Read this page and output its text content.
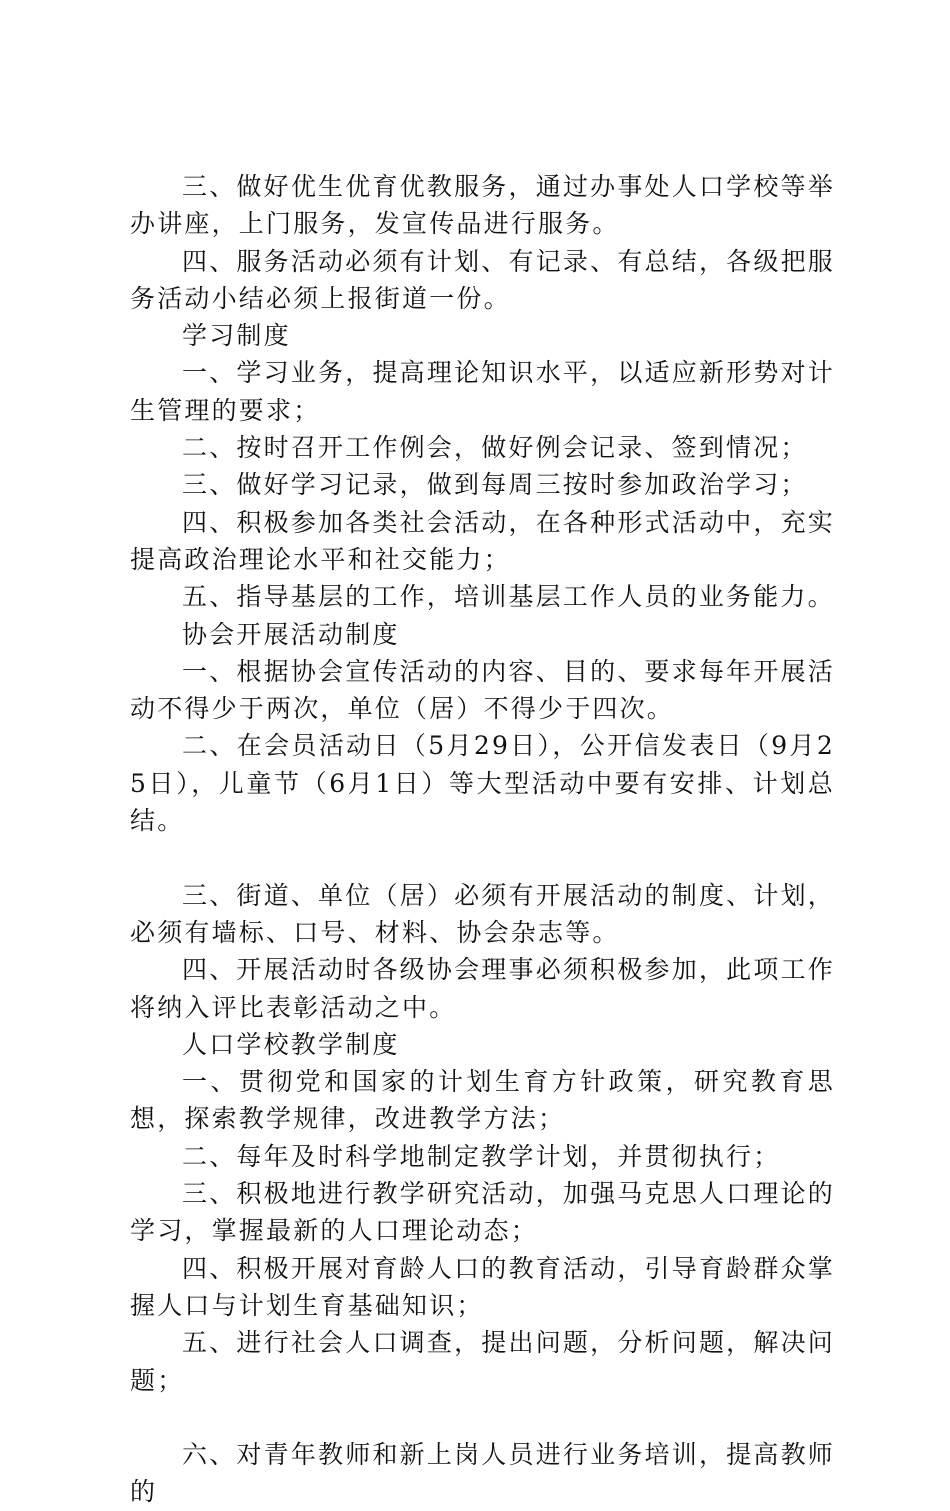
三、做好优生优育优教服务，通过办事处人口学校等举办讲座，上门服务，发宣传品进行服务。

四、服务活动必须有计划、有记录、有总结，各级把服务活动小结必须上报街道一份。

学习制度

一、学习业务，提高理论知识水平，以适应新形势对计生管理的要求；

二、按时召开工作例会，做好例会记录、签到情况；

三、做好学习记录，做到每周三按时参加政治学习；

四、积极参加各类社会活动，在各种形式活动中，充实提高政治理论水平和社交能力；

五、指导基层的工作，培训基层工作人员的业务能力。

协会开展活动制度

一、根据协会宣传活动的内容、目的、要求每年开展活动不得少于两次，单位（居）不得少于四次。

二、在会员活动日（5月29日），公开信发表日（9月25日），儿童节（6月1日）等大型活动中要有安排、计划总结。

三、街道、单位（居）必须有开展活动的制度、计划，必须有墙标、口号、材料、协会杂志等。

四、开展活动时各级协会理事必须积极参加，此项工作将纳入评比表彰活动之中。

人口学校教学制度

一、贯彻党和国家的计划生育方针政策，研究教育思想，探索教学规律，改进教学方法；

二、每年及时科学地制定教学计划，并贯彻执行；

三、积极地进行教学研究活动，加强马克思人口理论的学习，掌握最新的人口理论动态；

四、积极开展对育龄人口的教育活动，引导育龄群众掌握人口与计划生育基础知识；

五、进行社会人口调查，提出问题，分析问题，解决问题；

六、对青年教师和新上岗人员进行业务培训，提高教师的
